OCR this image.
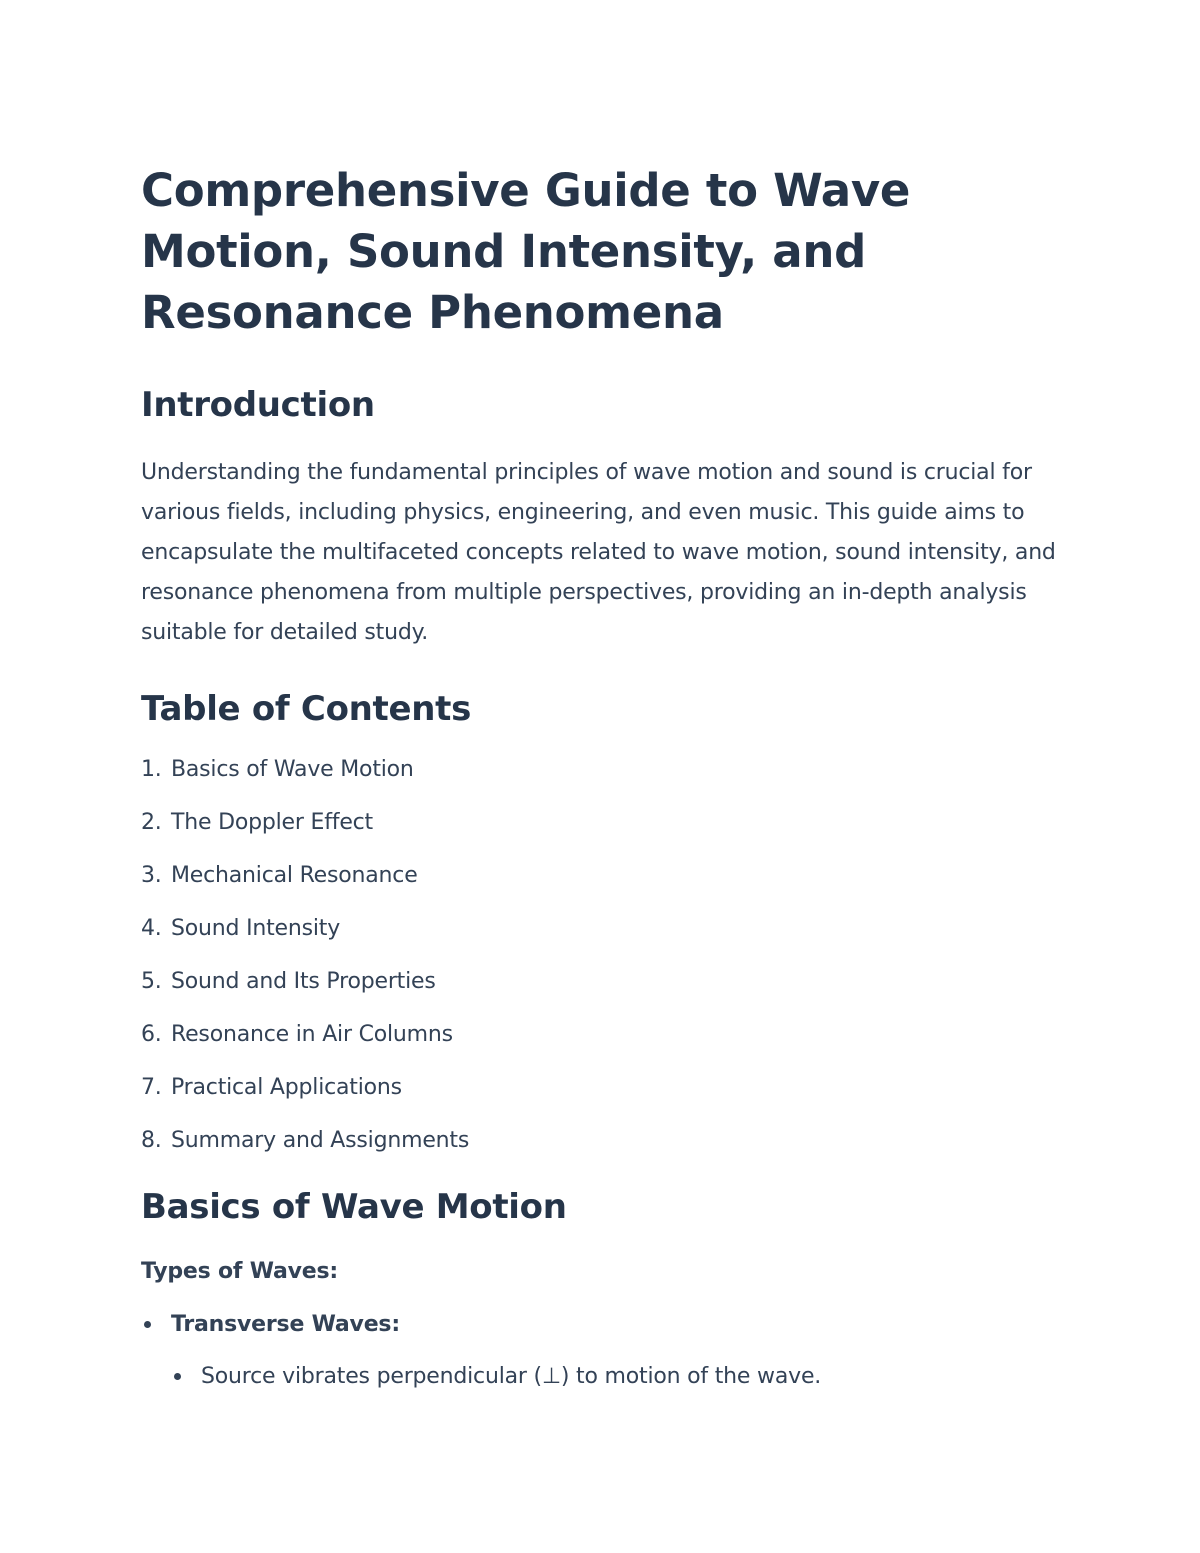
Comprehensive Guide to Wave Motion, Sound Intensity, and Resonance Phenomena
Introduction

Understanding the fundamental principles of wave motion and sound is crucial for various fields, including physics, engineering, and even music. This guide aims to encapsulate the multifaceted concepts related to wave motion, sound intensity, and resonance phenomena from multiple perspectives, providing an in-depth analysis suitable for detailed study.

Table of Contents
1. Basics of Wave Motion
2. The Doppler Effect
3. Mechanical Resonance
4. Sound Intensity
5. Sound and Its Properties
6. Resonance in Air Columns
7. Practical Applications
8. Summary and Assignments
Basics of Wave Motion
Types of Waves:
Transverse Waves:
Source vibrates perpendicular (⊥) to motion of the wave.
